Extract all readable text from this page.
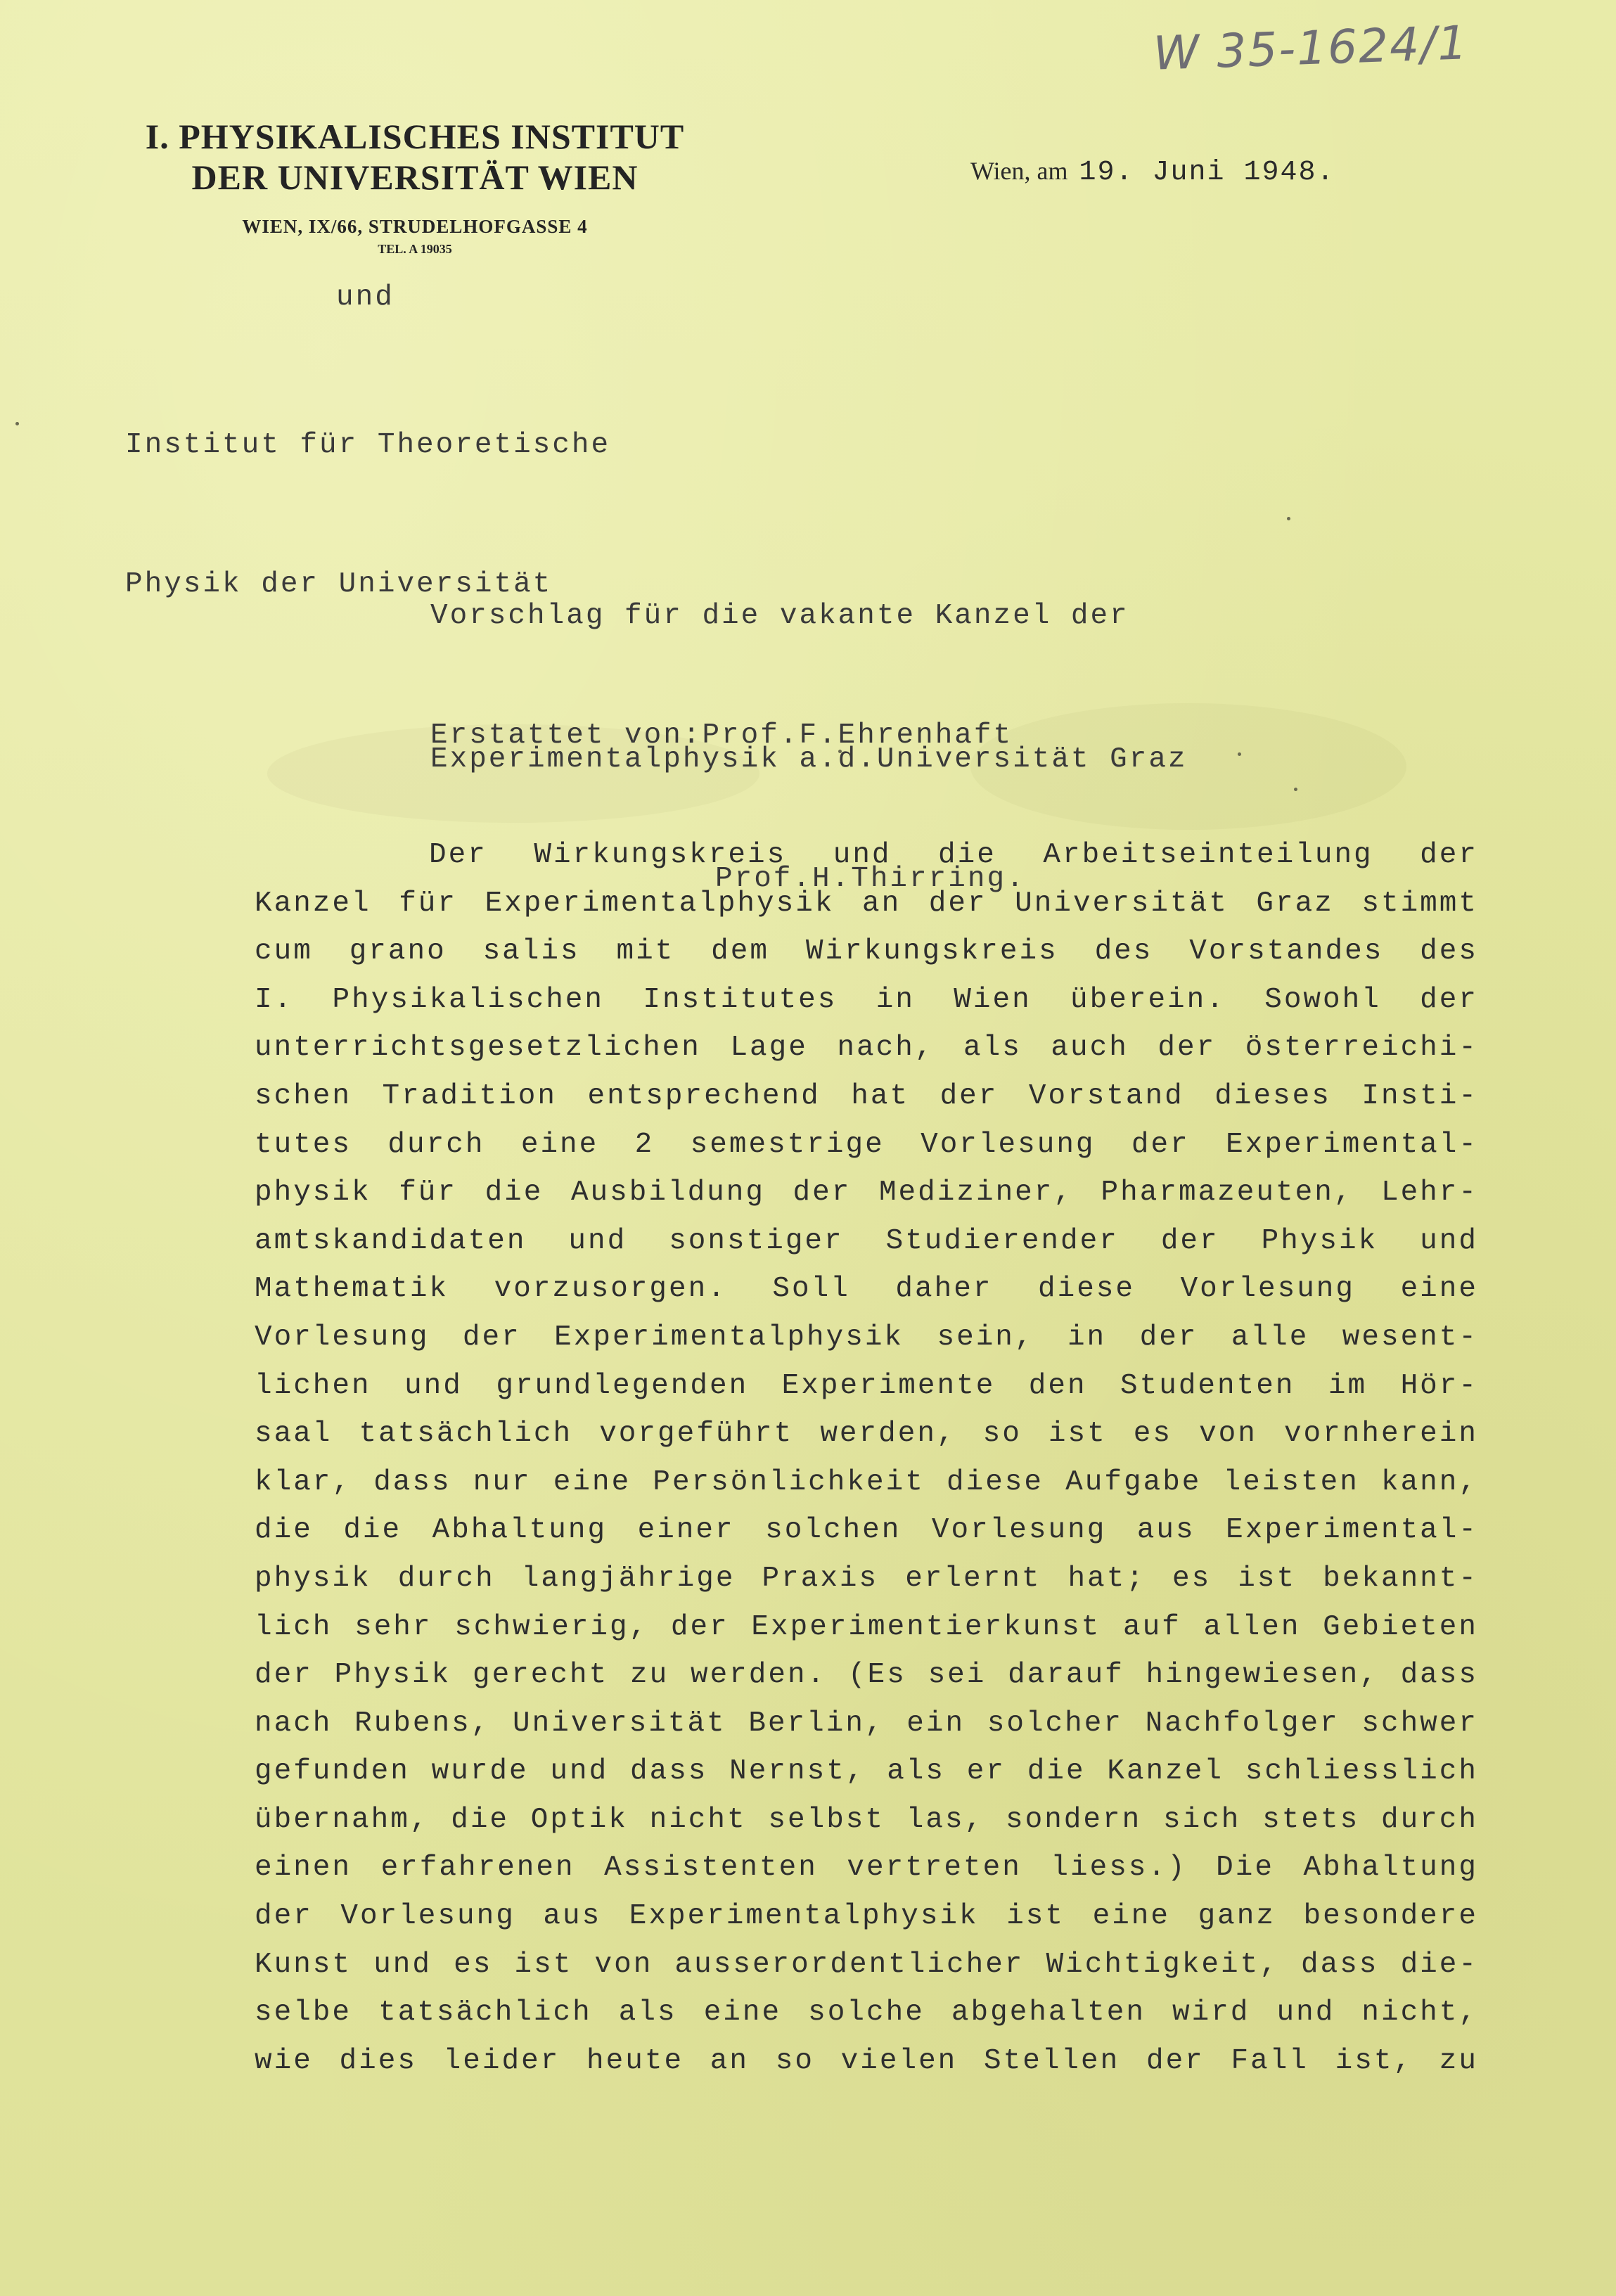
W 35-1624/1
I. PHYSIKALISCHES INSTITUT
DER UNIVERSITÄT WIEN
WIEN, IX/66, STRUDELHOFGASSE 4
TEL. A 19035
Wien, am 19. Juni 1948.
und

Institut für Theoretische

Physik der Universität

Vorschlag für die vakante Kanzel der

Experimentalphysik a.d.Universität Graz

Erstattet von:Prof.F.Ehrenhaft

Prof.H.Thirring.

Der Wirkungskreis und die Arbeitseinteilung der
Kanzel für Experimentalphysik an der Universität Graz stimmt
cum grano salis mit dem Wirkungskreis des Vorstandes des
I. Physikalischen Institutes in Wien überein. Sowohl der
unterrichtsgesetzlichen Lage nach, als auch der österreichi-
schen Tradition entsprechend hat der Vorstand dieses Insti-
tutes durch eine 2 semestrige Vorlesung der Experimental-
physik für die Ausbildung der Mediziner, Pharmazeuten, Lehr-
amtskandidaten und sonstiger Studierender der Physik und
Mathematik vorzusorgen. Soll daher diese Vorlesung eine
Vorlesung der Experimentalphysik sein, in der alle wesent-
lichen und grundlegenden Experimente den Studenten im Hör-
saal tatsächlich vorgeführt werden, so ist es von vornherein
klar, dass nur eine Persönlichkeit diese Aufgabe leisten kann,
die die Abhaltung einer solchen Vorlesung aus Experimental-
physik durch langjährige Praxis erlernt hat; es ist bekannt-
lich sehr schwierig, der Experimentierkunst auf allen Gebieten
der Physik gerecht zu werden. (Es sei darauf hingewiesen, dass
nach Rubens, Universität Berlin, ein solcher Nachfolger schwer
gefunden wurde und dass Nernst, als er die Kanzel schliesslich
übernahm, die Optik nicht selbst las, sondern sich stets durch
einen erfahrenen Assistenten vertreten liess.) Die Abhaltung
der Vorlesung aus Experimentalphysik ist eine ganz besondere
Kunst und es ist von ausserordentlicher Wichtigkeit, dass die-
selbe tatsächlich als eine solche abgehalten wird und nicht,
wie dies leider heute an so vielen Stellen der Fall ist, zu
